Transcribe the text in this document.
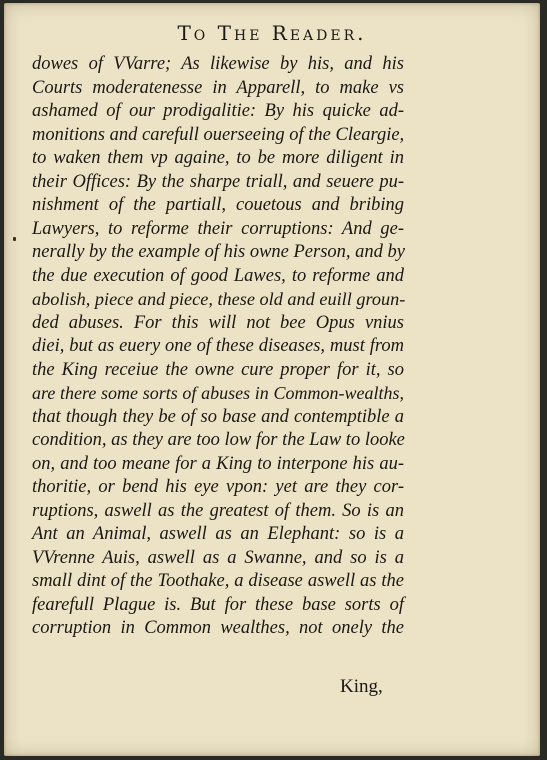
To The Reader.
dowes of VVarre; As likewise by his, and his
Courts moderatenesse in Apparell, to make vs
ashamed of our prodigalitie: By his quicke ad-
monitions and carefull ouerseeing of the Cleargie,
to waken them vp againe, to be more diligent in
their Offices: By the sharpe triall, and seuere pu-
nishment of the partiall, couetous and bribing
Lawyers, to reforme their corruptions: And ge-
nerally by the example of his owne Person, and by
the due execution of good Lawes, to reforme and
abolish, piece and piece, these old and euill groun-
ded abuses. For this will not bee Opus vnius
diei, but as euery one of these diseases, must from
the King receiue the owne cure proper for it, so
are there some sorts of abuses in Common-wealths,
that though they be of so base and contemptible a
condition, as they are too low for the Law to looke
on, and too meane for a King to interpone his au-
thoritie, or bend his eye vpon: yet are they cor-
ruptions, aswell as the greatest of them. So is an
Ant an Animal, aswell as an Elephant: so is a
VVrenne Auis, aswell as a Swanne, and so is a
small dint of the Toothake, a disease aswell as the
fearefull Plague is. But for these base sorts of
corruption in Common wealthes, not onely the
King,
